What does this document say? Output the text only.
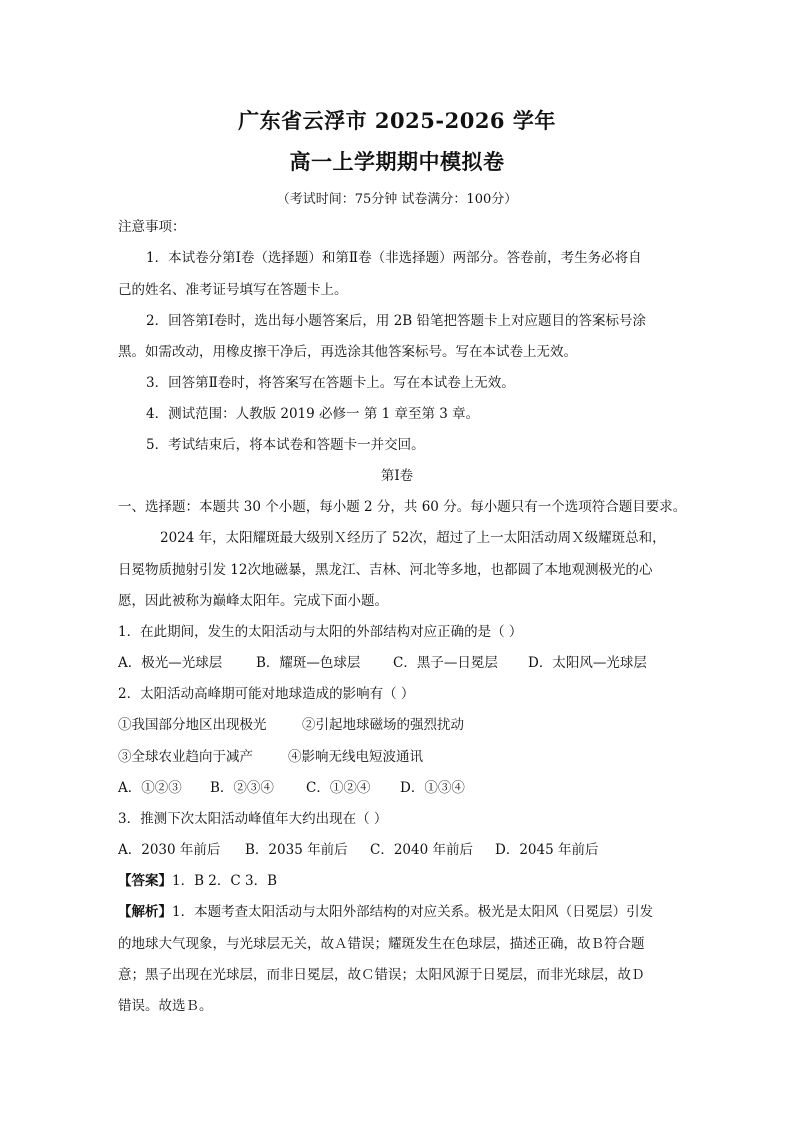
广东省云浮市 2025-2026 学年
高一上学期期中模拟卷
（考试时间：75分钟 试卷满分：100分）
注意事项：
1．本试卷分第Ⅰ卷（选择题）和第Ⅱ卷（非选择题）两部分。答卷前，考生务必将自
己的姓名、准考证号填写在答题卡上。
2．回答第Ⅰ卷时，选出每小题答案后，用 2B 铅笔把答题卡上对应题目的答案标号涂
黑。如需改动，用橡皮擦干净后，再选涂其他答案标号。写在本试卷上无效。
3．回答第Ⅱ卷时，将答案写在答题卡上。写在本试卷上无效。
4．测试范围：人教版 2019 必修一 第 1 章至第 3 章。
5．考试结束后，将本试卷和答题卡一并交回。
第Ⅰ卷
一、选择题：本题共 30 个小题，每小题 2 分，共 60 分。每小题只有一个选项符合题目要求。
2024 年，太阳耀斑最大级别Ｘ经历了 52次，超过了上一太阳活动周Ｘ级耀斑总和，
日冕物质抛射引发 12次地磁暴，黑龙江、吉林、河北等多地，也都圆了本地观测极光的心
愿，因此被称为巅峰太阳年。完成下面小题。
1．在此期间，发生的太阳活动与太阳的外部结构对应正确的是（ ）
A．极光—光球层	B．耀斑—色球层 C．黑子—日冕层 D．太阳风—光球层
2．太阳活动高峰期可能对地球造成的影响有（ ）
①我国部分地区出现极光	②引起地球磁场的强烈扰动
③全球农业趋向于减产	④影响无线电短波通讯
A．①②③ B．②③④ C．①②④ D．①③④
3．推测下次太阳活动峰值年大约出现在（ ）
A．2030 年前后 B．2035 年前后 C．2040 年前后 D．2045 年前后
【答案】1．B 2．C 3．B
【解析】1．本题考查太阳活动与太阳外部结构的对应关系。极光是太阳风（日冕层）引发
的地球大气现象，与光球层无关，故Ａ错误；耀斑发生在色球层，描述正确，故Ｂ符合题
意；黑子出现在光球层，而非日冕层，故Ｃ错误；太阳风源于日冕层，而非光球层，故Ｄ
错误。故选Ｂ。
